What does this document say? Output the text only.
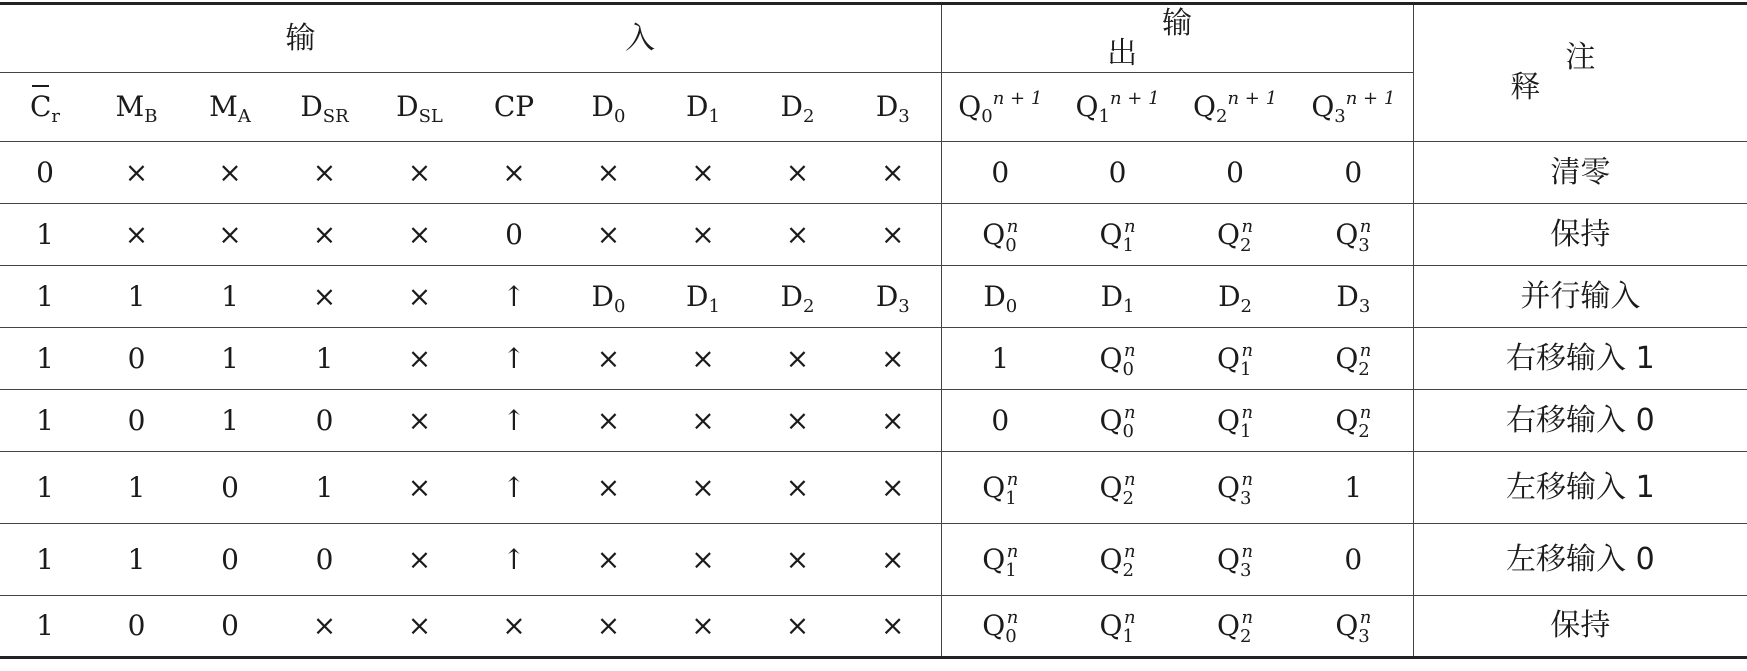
输 入										输 出				注 释
$C_r$	$M_B$	$M_A$	$D_{SR}$	$D_{SL}$	CP	$D_0$	$D_1$	$D_2$	$D_3$	$Q_0^{n + 1}$	$Q_1^{n + 1}$	$Q_2^{n + 1}$	$Q_3^{n + 1}$
0	×	×	×	×	×	×	×	×	×	0	0	0	0	清零
1	×	×	×	×	0	×	×	×	×	$Q_0^n$	$Q_1^n$	$Q_2^n$	$Q_3^n$	保持
1	1	1	×	×	↑	$D_0$	$D_1$	$D_2$	$D_3$	$D_0$	$D_1$	$D_2$	$D_3$	并行输入
1	0	1	1	×	↑	×	×	×	×	1	$Q_0^n$	$Q_1^n$	$Q_2^n$	右移输入 1
1	0	1	0	×	↑	×	×	×	×	0	$Q_0^n$	$Q_1^n$	$Q_2^n$	右移输入 0
1	1	0	1	×	↑	×	×	×	×	$Q_1^n$	$Q_2^n$	$Q_3^n$	1	左移输入 1
1	1	0	0	×	↑	×	×	×	×	$Q_1^n$	$Q_2^n$	$Q_3^n$	0	左移输入 0
1	0	0	×	×	×	×	×	×	×	$Q_0^n$	$Q_1^n$	$Q_2^n$	$Q_3^n$	保持
